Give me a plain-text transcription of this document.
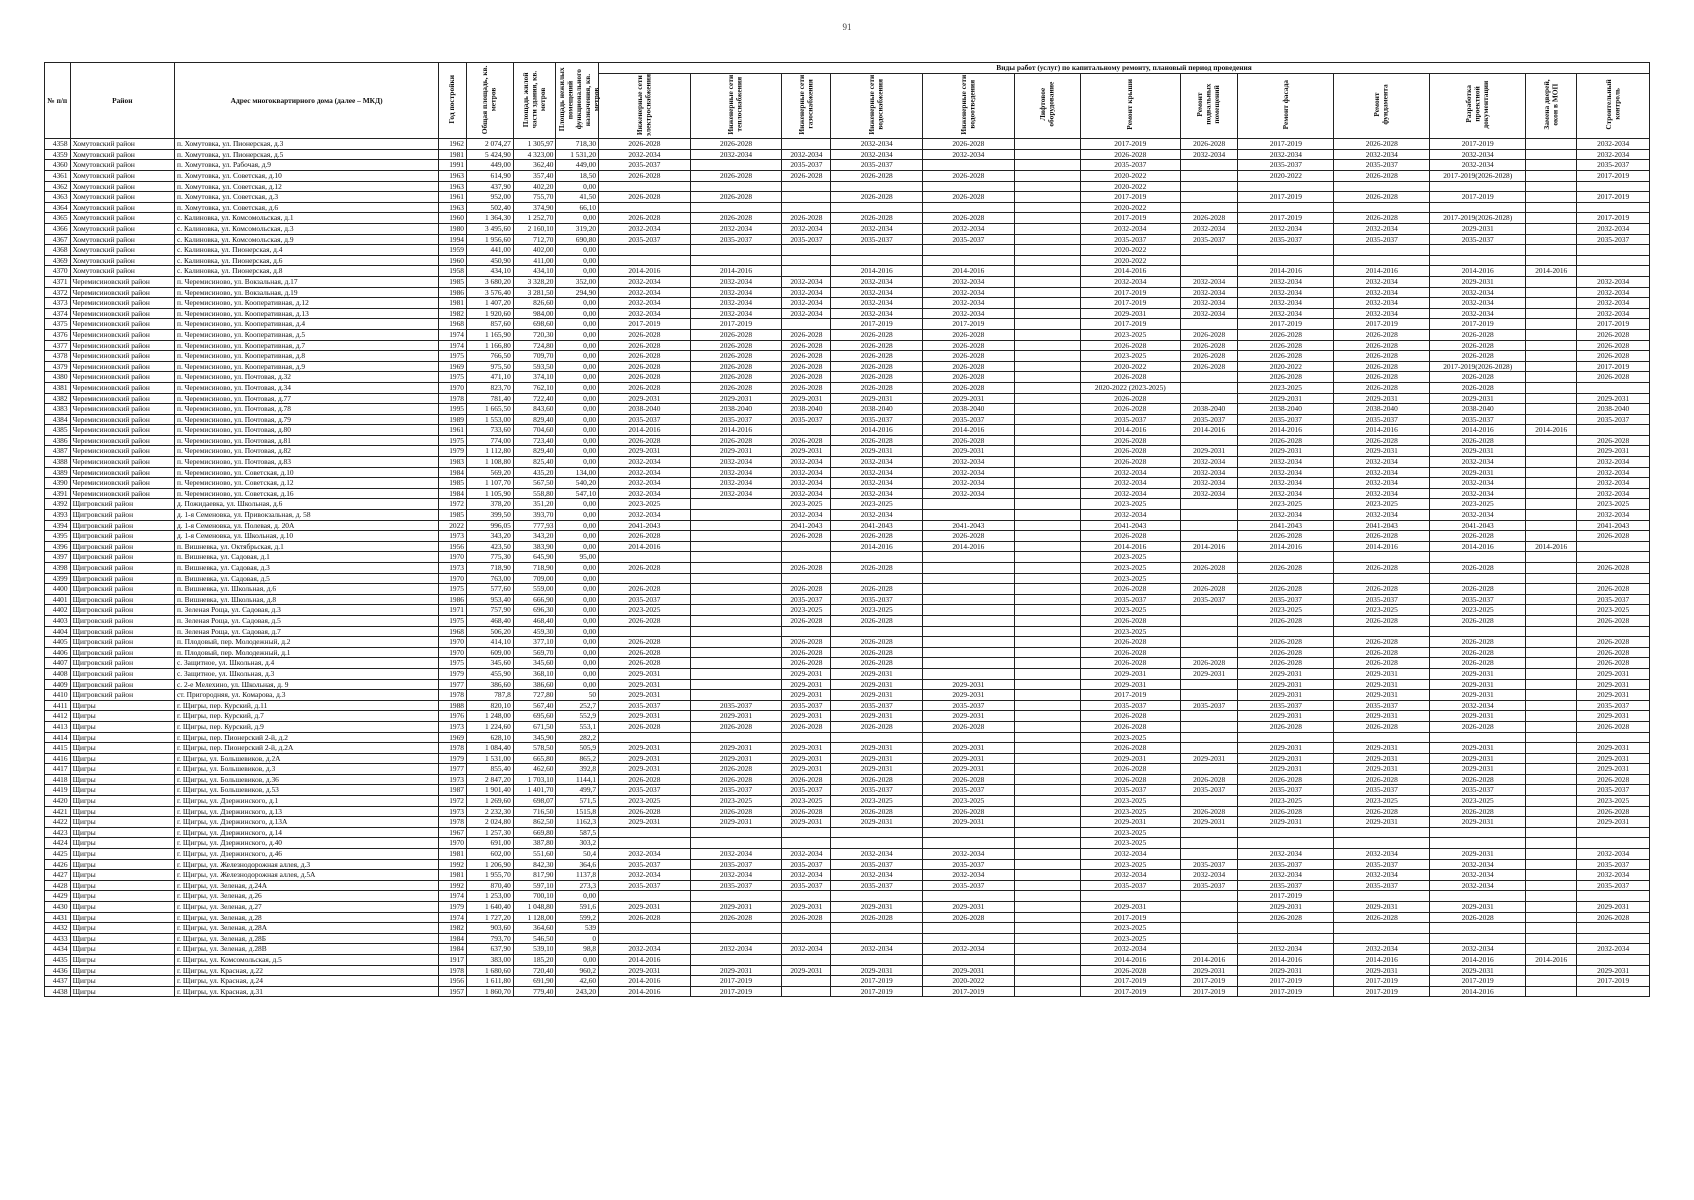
91
№ п/п	Район	Адрес многоквартирного дома (далее – МКД)	Год постройки	Общая площадь, кв. метров	Площадь жилой части здания, кв. метров	Площадь нежилых помещений функционального назначения, кв. метров	Виды работ (услуг) по капитальному ремонту, плановый период проведения												
							Инженерные сети электроснабжения	Инженерные сети теплоснабжения	Инженерные сети газоснабжения	Инженерные сети водоснабжения	Инженерные сети водоотведения	Лифтовое оборудование	Ремонт крыши	Ремонт подвальных помещений	Ремонт фасада	Ремонт фундамента	Разработка проектной документации	Замена дверей, окон в МОП	Строительный контроль
4358	Хомутовский район	п. Хомутовка, ул. Пионерская, д.3	1962	2 074,27	1 305,97	718,30	2026-2028	2026-2028		2032-2034	2026-2028		2017-2019	2026-2028	2017-2019	2026-2028	2017-2019		2032-2034
4359	Хомутовский район	п. Хомутовка, ул. Пионерская, д.5	1981	5 424,90	4 323,00	1 531,20	2032-2034	2032-2034	2032-2034	2032-2034	2032-2034		2026-2028	2032-2034	2032-2034	2032-2034	2032-2034		2032-2034
4360	Хомутовский район	п. Хомутовка, ул. Рабочая, д.9	1991	449,00	362,40	449,00	2035-2037		2035-2037	2035-2037			2035-2037		2035-2037	2035-2037	2032-2034		2035-2037
4361	Хомутовский район	п. Хомутовка, ул. Советская, д.10	1963	614,90	357,40	18,50	2026-2028	2026-2028	2026-2028	2026-2028	2026-2028		2020-2022		2020-2022	2026-2028	2017-2019(2026-2028)		2017-2019
4362	Хомутовский район	п. Хомутовка, ул. Советская, д.12	1963	437,90	402,20	0,00							2020-2022						
4363	Хомутовский район	п. Хомутовка, ул. Советская, д.3	1961	952,00	755,70	41,50	2026-2028	2026-2028		2026-2028	2026-2028		2017-2019		2017-2019	2026-2028	2017-2019		2017-2019
4364	Хомутовский район	п. Хомутовка, ул. Советская, д.6	1963	502,40	374,90	66,10							2020-2022						
4365	Хомутовский район	с. Калиновка, ул. Комсомольская, д.1	1960	1 364,30	1 252,70	0,00	2026-2028	2026-2028	2026-2028	2026-2028	2026-2028		2017-2019	2026-2028	2017-2019	2026-2028	2017-2019(2026-2028)		2017-2019
4366	Хомутовский район	с. Калиновка, ул. Комсомольская, д.3	1980	3 495,60	2 160,10	319,20	2032-2034	2032-2034	2032-2034	2032-2034	2032-2034		2032-2034	2032-2034	2032-2034	2032-2034	2029-2031		2032-2034
4367	Хомутовский район	с. Калиновка, ул. Комсомольская, д.9	1994	1 956,60	712,70	690,80	2035-2037	2035-2037	2035-2037	2035-2037	2035-2037		2035-2037	2035-2037	2035-2037	2035-2037	2035-2037		2035-2037
4368	Хомутовский район	с. Калиновка, ул. Пионерская, д.4	1959	441,00	402,00	0,00							2020-2022						
4369	Хомутовский район	с. Калиновка, ул. Пионерская, д.6	1960	450,90	411,00	0,00							2020-2022						
4370	Хомутовский район	с. Калиновка, ул. Пионерская, д.8	1958	434,10	434,10	0,00	2014-2016	2014-2016		2014-2016	2014-2016		2014-2016		2014-2016	2014-2016	2014-2016	2014-2016	
4371	Черемисиновский район	п. Черемисиново, ул. Вокзальная, д.17	1985	3 680,20	3 328,20	352,00	2032-2034	2032-2034	2032-2034	2032-2034	2032-2034		2032-2034	2032-2034	2032-2034	2032-2034	2029-2031		2032-2034
4372	Черемисиновский район	п. Черемисиново, ул. Вокзальная, д.19	1986	3 576,40	3 281,50	294,90	2032-2034	2032-2034	2032-2034	2032-2034	2032-2034		2017-2019	2032-2034	2032-2034	2032-2034	2032-2034		2032-2034
4373	Черемисиновский район	п. Черемисиново, ул. Кооперативная, д.12	1981	1 407,20	826,60	0,00	2032-2034	2032-2034	2032-2034	2032-2034	2032-2034		2017-2019	2032-2034	2032-2034	2032-2034	2032-2034		2032-2034
4374	Черемисиновский район	п. Черемисиново, ул. Кооперативная, д.13	1982	1 920,60	984,00	0,00	2032-2034	2032-2034	2032-2034	2032-2034	2032-2034		2029-2031	2032-2034	2032-2034	2032-2034	2032-2034		2032-2034
4375	Черемисиновский район	п. Черемисиново, ул. Кооперативная, д.4	1968	857,60	698,60	0,00	2017-2019	2017-2019		2017-2019	2017-2019		2017-2019		2017-2019	2017-2019	2017-2019		2017-2019
4376	Черемисиновский район	п. Черемисиново, ул. Кооперативная, д.5	1974	1 165,90	720,30	0,00	2026-2028	2026-2028	2026-2028	2026-2028	2026-2028		2023-2025	2026-2028	2026-2028	2026-2028	2026-2028		2026-2028
4377	Черемисиновский район	п. Черемисиново, ул. Кооперативная, д.7	1974	1 166,80	724,80	0,00	2026-2028	2026-2028	2026-2028	2026-2028	2026-2028		2026-2028	2026-2028	2026-2028	2026-2028	2026-2028		2026-2028
4378	Черемисиновский район	п. Черемисиново, ул. Кооперативная, д.8	1975	766,50	709,70	0,00	2026-2028	2026-2028	2026-2028	2026-2028	2026-2028		2023-2025	2026-2028	2026-2028	2026-2028	2026-2028		2026-2028
4379	Черемисиновский район	п. Черемисиново, ул. Кооперативная, д.9	1969	975,50	593,50	0,00	2026-2028	2026-2028	2026-2028	2026-2028	2026-2028		2020-2022	2026-2028	2020-2022	2026-2028	2017-2019(2026-2028)		2017-2019
4380	Черемисиновский район	п. Черемисиново, ул. Почтовая, д.32	1975	471,10	374,10	0,00	2026-2028	2026-2028	2026-2028	2026-2028	2026-2028		2026-2028		2026-2028	2026-2028	2026-2028		2026-2028
4381	Черемисиновский район	п. Черемисиново, ул. Почтовая, д.34	1970	823,70	762,10	0,00	2026-2028	2026-2028	2026-2028	2026-2028	2026-2028		2020-2022 (2023-2025)		2023-2025	2026-2028	2026-2028		
4382	Черемисиновский район	п. Черемисиново, ул. Почтовая, д.77	1978	781,40	722,40	0,00	2029-2031	2029-2031	2029-2031	2029-2031	2029-2031		2026-2028		2029-2031	2029-2031	2029-2031		2029-2031
4383	Черемисиновский район	п. Черемисиново, ул. Почтовая, д.78	1995	1 665,50	843,60	0,00	2038-2040	2038-2040	2038-2040	2038-2040	2038-2040		2026-2028	2038-2040	2038-2040	2038-2040	2038-2040		2038-2040
4384	Черемисиновский район	п. Черемисиново, ул. Почтовая, д.79	1989	1 553,00	829,40	0,00	2035-2037	2035-2037	2035-2037	2035-2037	2035-2037		2035-2037	2035-2037	2035-2037	2035-2037	2035-2037		2035-2037
4385	Черемисиновский район	п. Черемисиново, ул. Почтовая, д.80	1961	733,60	704,60	0,00	2014-2016	2014-2016		2014-2016	2014-2016		2014-2016	2014-2016	2014-2016	2014-2016	2014-2016	2014-2016	
4386	Черемисиновский район	п. Черемисиново, ул. Почтовая, д.81	1975	774,00	723,40	0,00	2026-2028	2026-2028	2026-2028	2026-2028	2026-2028		2026-2028		2026-2028	2026-2028	2026-2028		2026-2028
4387	Черемисиновский район	п. Черемисиново, ул. Почтовая, д.82	1979	1 112,80	829,40	0,00	2029-2031	2029-2031	2029-2031	2029-2031	2029-2031		2026-2028	2029-2031	2029-2031	2029-2031	2029-2031		2029-2031
4388	Черемисиновский район	п. Черемисиново, ул. Почтовая, д.83	1983	1 108,80	825,40	0,00	2032-2034	2032-2034	2032-2034	2032-2034	2032-2034		2026-2028	2032-2034	2032-2034	2032-2034	2032-2034		2032-2034
4389	Черемисиновский район	п. Черемисиново, ул. Советская, д.10	1984	569,20	435,20	134,00	2032-2034	2032-2034	2032-2034	2032-2034	2032-2034		2032-2034	2032-2034	2032-2034	2032-2034	2029-2031		2032-2034
4390	Черемисиновский район	п. Черемисиново, ул. Советская, д.12	1985	1 107,70	567,50	540,20	2032-2034	2032-2034	2032-2034	2032-2034	2032-2034		2032-2034	2032-2034	2032-2034	2032-2034	2032-2034		2032-2034
4391	Черемисиновский район	п. Черемисиново, ул. Советская, д.16	1984	1 105,90	558,80	547,10	2032-2034	2032-2034	2032-2034	2032-2034	2032-2034		2032-2034	2032-2034	2032-2034	2032-2034	2032-2034		2032-2034
4392	Щигровский район	д. Пожидаевка, ул. Школьная, д.6	1972	378,20	351,20	0,00	2023-2025		2023-2025	2023-2025			2023-2025		2023-2025	2023-2025	2023-2025		2023-2025
4393	Щигровский район	д. 1-я Семеновка, ул. Привокзальная, д. 58	1985	399,50	393,70	0,00	2032-2034		2032-2034	2032-2034			2032-2034		2032-2034	2032-2034	2032-2034		2032-2034
4394	Щигровский район	д. 1-я Семеновка, ул. Полевая, д. 20А	2022	996,05	777,93	0,00	2041-2043		2041-2043	2041-2043	2041-2043		2041-2043		2041-2043	2041-2043	2041-2043		2041-2043
4395	Щигровский район	д. 1-я Семеновка, ул. Школьная, д.10	1973	343,20	343,20	0,00	2026-2028		2026-2028	2026-2028	2026-2028		2026-2028		2026-2028	2026-2028	2026-2028		2026-2028
4396	Щигровский район	п. Вишневка, ул. Октябрьская, д.1	1956	423,50	383,90	0,00	2014-2016			2014-2016	2014-2016		2014-2016	2014-2016	2014-2016	2014-2016	2014-2016	2014-2016	
4397	Щигровский район	п. Вишневка, ул. Садовая, д.1	1970	775,30	645,90	95,00							2023-2025						
4398	Щигровский район	п. Вишневка, ул. Садовая, д.3	1973	718,90	718,90	0,00	2026-2028		2026-2028	2026-2028			2023-2025	2026-2028	2026-2028	2026-2028	2026-2028		2026-2028
4399	Щигровский район	п. Вишневка, ул. Садовая, д.5	1970	763,00	709,00	0,00							2023-2025						
4400	Щигровский район	п. Вишневка, ул. Школьная, д.6	1975	577,60	559,00	0,00	2026-2028		2026-2028	2026-2028			2026-2028	2026-2028	2026-2028	2026-2028	2026-2028		2026-2028
4401	Щигровский район	п. Вишневка, ул. Школьная, д.8	1986	953,40	666,90	0,00	2035-2037		2035-2037	2035-2037			2035-2037	2035-2037	2035-2037	2035-2037	2035-2037		2035-2037
4402	Щигровский район	п. Зеленая Роща, ул. Садовая, д.3	1971	757,90	696,30	0,00	2023-2025		2023-2025	2023-2025			2023-2025		2023-2025	2023-2025	2023-2025		2023-2025
4403	Щигровский район	п. Зеленая Роща, ул. Садовая, д.5	1975	468,40	468,40	0,00	2026-2028		2026-2028	2026-2028			2026-2028		2026-2028	2026-2028	2026-2028		2026-2028
4404	Щигровский район	п. Зеленая Роща, ул. Садовая, д.7	1968	506,20	459,30	0,00							2023-2025						
4405	Щигровский район	п. Плодовый, пер. Молодежный, д.2	1970	414,10	377,10	0,00	2026-2028		2026-2028	2026-2028			2026-2028		2026-2028	2026-2028	2026-2028		2026-2028
4406	Щигровский район	п. Плодовый, пер. Молодежный, д.1	1970	609,00	569,70	0,00	2026-2028		2026-2028	2026-2028			2026-2028		2026-2028	2026-2028	2026-2028		2026-2028
4407	Щигровский район	с. Защитное, ул. Школьная, д.4	1975	345,60	345,60	0,00	2026-2028		2026-2028	2026-2028			2026-2028	2026-2028	2026-2028	2026-2028	2026-2028		2026-2028
4408	Щигровский район	с. Защитное, ул. Школьная, д.3	1979	455,90	368,10	0,00	2029-2031		2029-2031	2029-2031			2029-2031	2029-2031	2029-2031	2029-2031	2029-2031		2029-2031
4409	Щигровский район	с. 2-е Мелехино, ул. Школьная, д. 9	1977	386,60	386,60	0,00	2029-2031		2029-2031	2029-2031	2029-2031		2029-2031		2029-2031	2029-2031	2029-2031		2029-2031
4410	Щигровский район	ст. Пригородняя, ул. Комарова, д.3	1978	787,8	727,80	50	2029-2031		2029-2031	2029-2031	2029-2031		2017-2019		2029-2031	2029-2031	2029-2031		2029-2031
4411	Щигры	г. Щигры, пер. Курский, д.11	1988	820,10	567,40	252,7	2035-2037	2035-2037	2035-2037	2035-2037	2035-2037		2035-2037	2035-2037	2035-2037	2035-2037	2032-2034		2035-2037
4412	Щигры	г. Щигры, пер. Курский, д.7	1976	1 248,00	695,60	552,9	2029-2031	2029-2031	2029-2031	2029-2031	2029-2031		2026-2028		2029-2031	2029-2031	2029-2031		2029-2031
4413	Щигры	г. Щигры, пер. Курский, д.9	1973	1 224,60	671,50	553,1	2026-2028	2026-2028	2026-2028	2026-2028	2026-2028		2026-2028		2026-2028	2026-2028	2026-2028		2026-2028
4414	Щигры	г. Щигры, пер. Пионерский 2-й, д.2	1969	628,10	345,90	282,2							2023-2025						
4415	Щигры	г. Щигры, пер. Пионерский 2-й, д.2А	1978	1 084,40	578,50	505,9	2029-2031	2029-2031	2029-2031	2029-2031	2029-2031		2026-2028		2029-2031	2029-2031	2029-2031		2029-2031
4416	Щигры	г. Щигры, ул. Большевиков, д.2А	1979	1 531,00	665,80	865,2	2029-2031	2029-2031	2029-2031	2029-2031	2029-2031		2029-2031	2029-2031	2029-2031	2029-2031	2029-2031		2029-2031
4417	Щигры	г. Щигры, ул. Большевиков, д.3	1977	855,40	462,60	392,8	2029-2031	2026-2028	2029-2031	2029-2031	2029-2031		2026-2028		2029-2031	2029-2031	2029-2031		2029-2031
4418	Щигры	г. Щигры, ул. Большевиков, д.36	1973	2 847,20	1 703,10	1144,1	2026-2028	2026-2028	2026-2028	2026-2028	2026-2028		2026-2028	2026-2028	2026-2028	2026-2028	2026-2028		2026-2028
4419	Щигры	г. Щигры, ул. Большевиков, д.53	1987	1 901,40	1 401,70	499,7	2035-2037	2035-2037	2035-2037	2035-2037	2035-2037		2035-2037	2035-2037	2035-2037	2035-2037	2035-2037		2035-2037
4420	Щигры	г. Щигры, ул. Дзержинского, д.1	1972	1 269,60	698,07	571,5	2023-2025	2023-2025	2023-2025	2023-2025	2023-2025		2023-2025		2023-2025	2023-2025	2023-2025		2023-2025
4421	Щигры	г. Щигры, ул. Дзержинского, д.13	1973	2 232,30	716,50	1515,8	2026-2028	2026-2028	2026-2028	2026-2028	2026-2028		2023-2025	2026-2028	2026-2028	2026-2028	2026-2028		2026-2028
4422	Щигры	г. Щигры, ул. Дзержинского, д.13А	1978	2 024,80	862,50	1162,3	2029-2031	2029-2031	2029-2031	2029-2031	2029-2031		2029-2031	2029-2031	2029-2031	2029-2031	2029-2031		2029-2031
4423	Щигры	г. Щигры, ул. Дзержинского, д.14	1967	1 257,30	669,80	587,5							2023-2025						
4424	Щигры	г. Щигры, ул. Дзержинского, д.40	1970	691,00	387,80	303,2							2023-2025						
4425	Щигры	г. Щигры, ул. Дзержинского, д.46	1981	602,00	551,60	50,4	2032-2034	2032-2034	2032-2034	2032-2034	2032-2034		2032-2034		2032-2034	2032-2034	2029-2031		2032-2034
4426	Щигры	г. Щигры, ул. Железнодорожная аллея, д.3	1992	1 206,90	842,30	364,6	2035-2037	2035-2037	2035-2037	2035-2037	2035-2037		2023-2025	2035-2037	2035-2037	2035-2037	2032-2034		2035-2037
4427	Щигры	г. Щигры, ул. Железнодорожная аллея, д.5А	1981	1 955,70	817,90	1137,8	2032-2034	2032-2034	2032-2034	2032-2034	2032-2034		2032-2034	2032-2034	2032-2034	2032-2034	2032-2034		2032-2034
4428	Щигры	г. Щигры, ул. Зеленая, д.24А	1992	870,40	597,10	273,3	2035-2037	2035-2037	2035-2037	2035-2037	2035-2037		2035-2037	2035-2037	2035-2037	2035-2037	2032-2034		2035-2037
4429	Щигры	г. Щигры, ул. Зеленая, д.26	1974	1 253,00	700,10	0,00									2017-2019				
4430	Щигры	г. Щигры, ул. Зеленая, д.27	1979	1 640,40	1 048,80	591,6	2029-2031	2029-2031	2029-2031	2029-2031	2029-2031		2029-2031		2029-2031	2029-2031	2029-2031		2029-2031
4431	Щигры	г. Щигры, ул. Зеленая, д.28	1974	1 727,20	1 128,00	599,2	2026-2028	2026-2028	2026-2028	2026-2028	2026-2028		2017-2019		2026-2028	2026-2028	2026-2028		2026-2028
4432	Щигры	г. Щигры, ул. Зеленая, д.28А	1982	903,60	364,60	539							2023-2025						
4433	Щигры	г. Щигры, ул. Зеленая, д.28Б	1984	793,70	546,50	0							2023-2025						
4434	Щигры	г. Щигры, ул. Зеленая, д.28В	1984	637,90	539,10	98,8	2032-2034	2032-2034	2032-2034	2032-2034	2032-2034		2032-2034		2032-2034	2032-2034	2032-2034		2032-2034
4435	Щигры	г. Щигры, ул. Комсомольская, д.5	1917	383,00	185,20	0,00	2014-2016						2014-2016	2014-2016	2014-2016	2014-2016	2014-2016	2014-2016	
4436	Щигры	г. Щигры, ул. Красная, д.22	1978	1 680,60	720,40	960,2	2029-2031	2029-2031	2029-2031	2029-2031	2029-2031		2026-2028	2029-2031	2029-2031	2029-2031	2029-2031		2029-2031
4437	Щигры	г. Щигры, ул. Красная, д.24	1956	1 611,80	691,90	42,60	2014-2016	2017-2019		2017-2019	2020-2022		2017-2019	2017-2019	2017-2019	2017-2019	2017-2019		2017-2019
4438	Щигры	г. Щигры, ул. Красная, д.31	1957	1 860,70	779,40	243,20	2014-2016	2017-2019		2017-2019	2017-2019		2017-2019	2017-2019	2017-2019	2017-2019	2014-2016		
